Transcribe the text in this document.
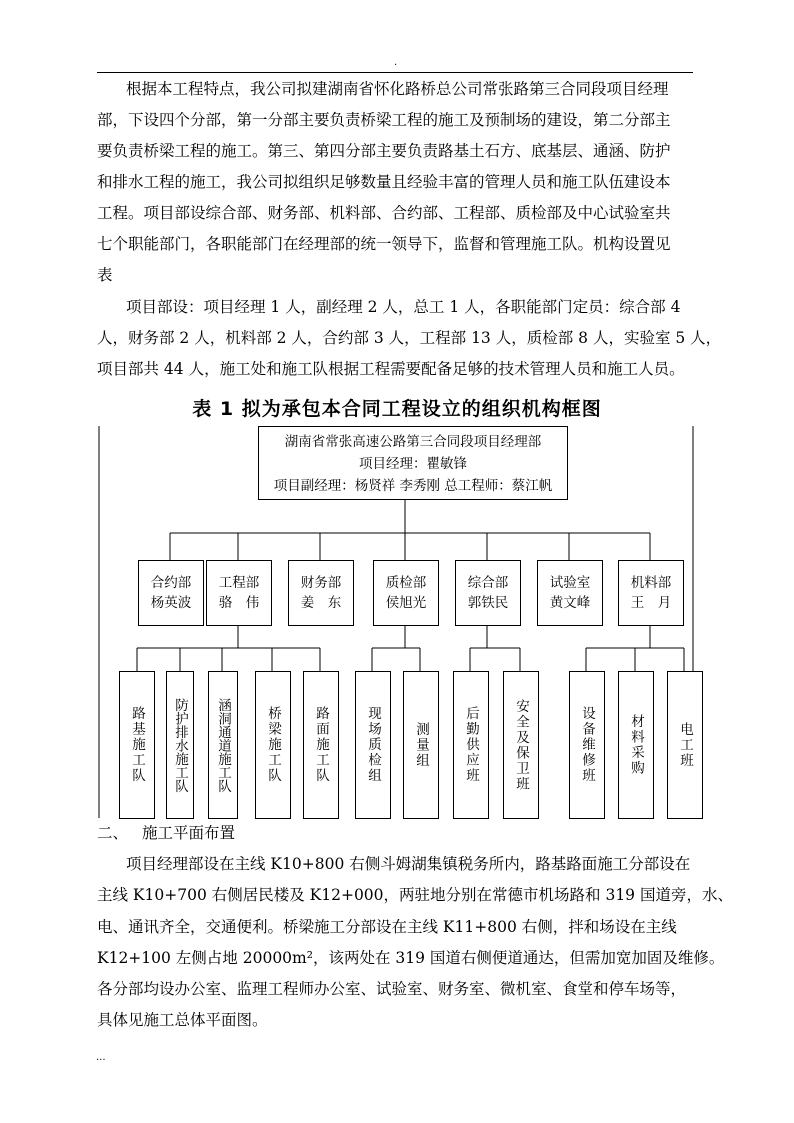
.
根据本工程特点，我公司拟建湖南省怀化路桥总公司常张路第三合同段项目经理
部，下设四个分部，第一分部主要负责桥梁工程的施工及预制场的建设，第二分部主
要负责桥梁工程的施工。第三、第四分部主要负责路基土石方、底基层、通涵、防护
和排水工程的施工，我公司拟组织足够数量且经验丰富的管理人员和施工队伍建设本
工程。项目部设综合部、财务部、机料部、合约部、工程部、质检部及中心试验室共
七个职能部门，各职能部门在经理部的统一领导下，监督和管理施工队。机构设置见
表
项目部设：项目经理 1 人，副经理 2 人，总工 1 人，各职能部门定员：综合部 4
人，财务部 2 人，机料部 2 人，合约部 3 人，工程部 13 人，质检部 8 人，实验室 5 人，
项目部共 44 人，施工处和施工队根据工程需要配备足够的技术管理人员和施工人员。
表 1 拟为承包本合同工程设立的组织机构框图
湖南省常张高速公路第三合同段项目经理部
项目经理：瞿敏锋
项目副经理：杨贤祥 李秀刚 总工程师：蔡江帆
合约部
杨英波
工程部
骆　伟
财务部
姜　东
质检部
侯旭光
综合部
郭铁民
试验室
黄文峰
机料部
王　月
路基施工队 防护排水施工队 涵洞通道施工队	桥梁施工队 路面施工队	现场质检组 测量组	后勤供应班	安全及保卫班	设备维修班 材料采购 电工班
二、 施工平面布置
项目经理部设在主线 K10+800 右侧斗姆湖集镇税务所内，路基路面施工分部设在
主线 K10+700 右侧居民楼及 K12+000，两驻地分别在常德市机场路和 319 国道旁，水、
电、通讯齐全，交通便利。桥梁施工分部设在主线 K11+800 右侧，拌和场设在主线
K12+100 左侧占地 20000m²，该两处在 319 国道右侧便道通达，但需加宽加固及维修。
各分部均设办公室、监理工程师办公室、试验室、财务室、微机室、食堂和停车场等，
具体见施工总体平面图。
...
